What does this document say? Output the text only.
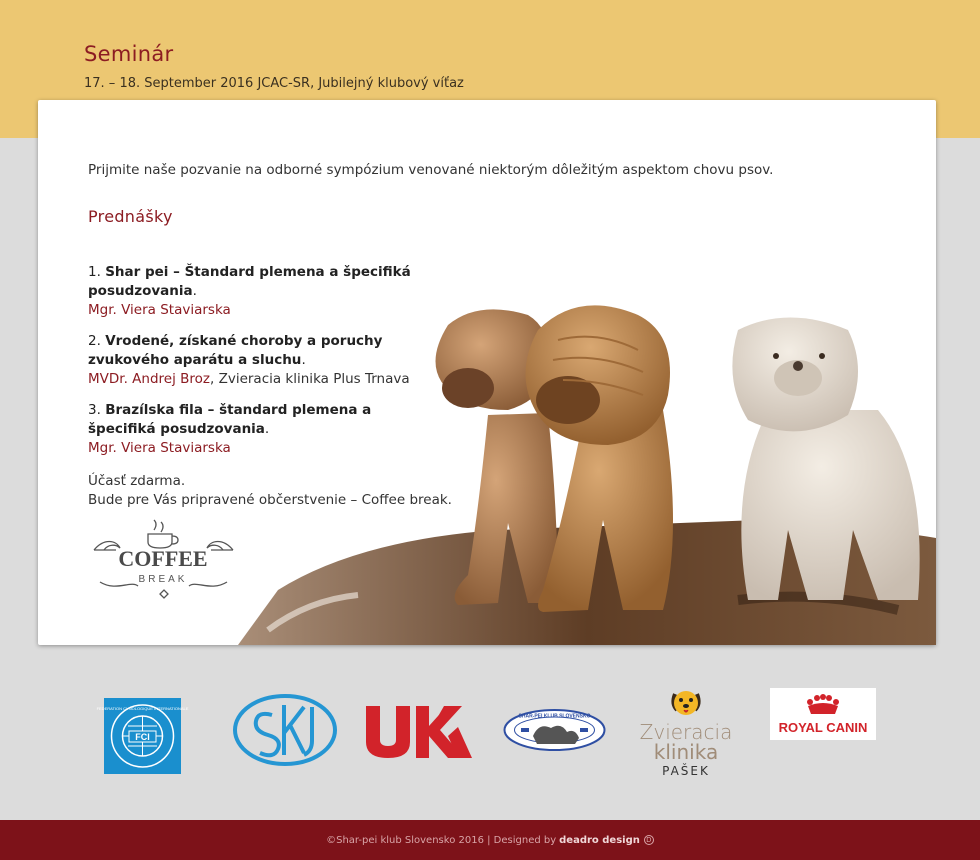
Seminár
17. – 18. September 2016 JCAC-SR, Jubilejný klubový víťaz

Prijmite naše pozvanie na odborné sympózium venované niektorým dôležitým aspektom chovu psov.

Prednášky
1. Shar pei – Štandard plemena a špecifiká posudzovania.
Mgr. Viera Staviarska
2. Vrodené, získané choroby a poruchy zvukového aparátu a sluchu.
MVDr. Andrej Broz, Zvieracia klinika Plus Trnava
3. Brazílska fila – štandard plemena a špecifiká posudzovania.
Mgr. Viera Staviarska
Účasť zdarma.
Bude pre Vás pripravené občerstvenie – Coffee break.
COFFEE
BREAK
FCI
FEDERATION CYNOLOGIQUE INTERNATIONALE
SKJ
SHAR-PEI KLUB SLOVENSKO
Zvieracia
klinika
PAŠEK
ROYAL CANIN
©Shar-pei klub Slovensko 2016 | Designed by deadro design D
